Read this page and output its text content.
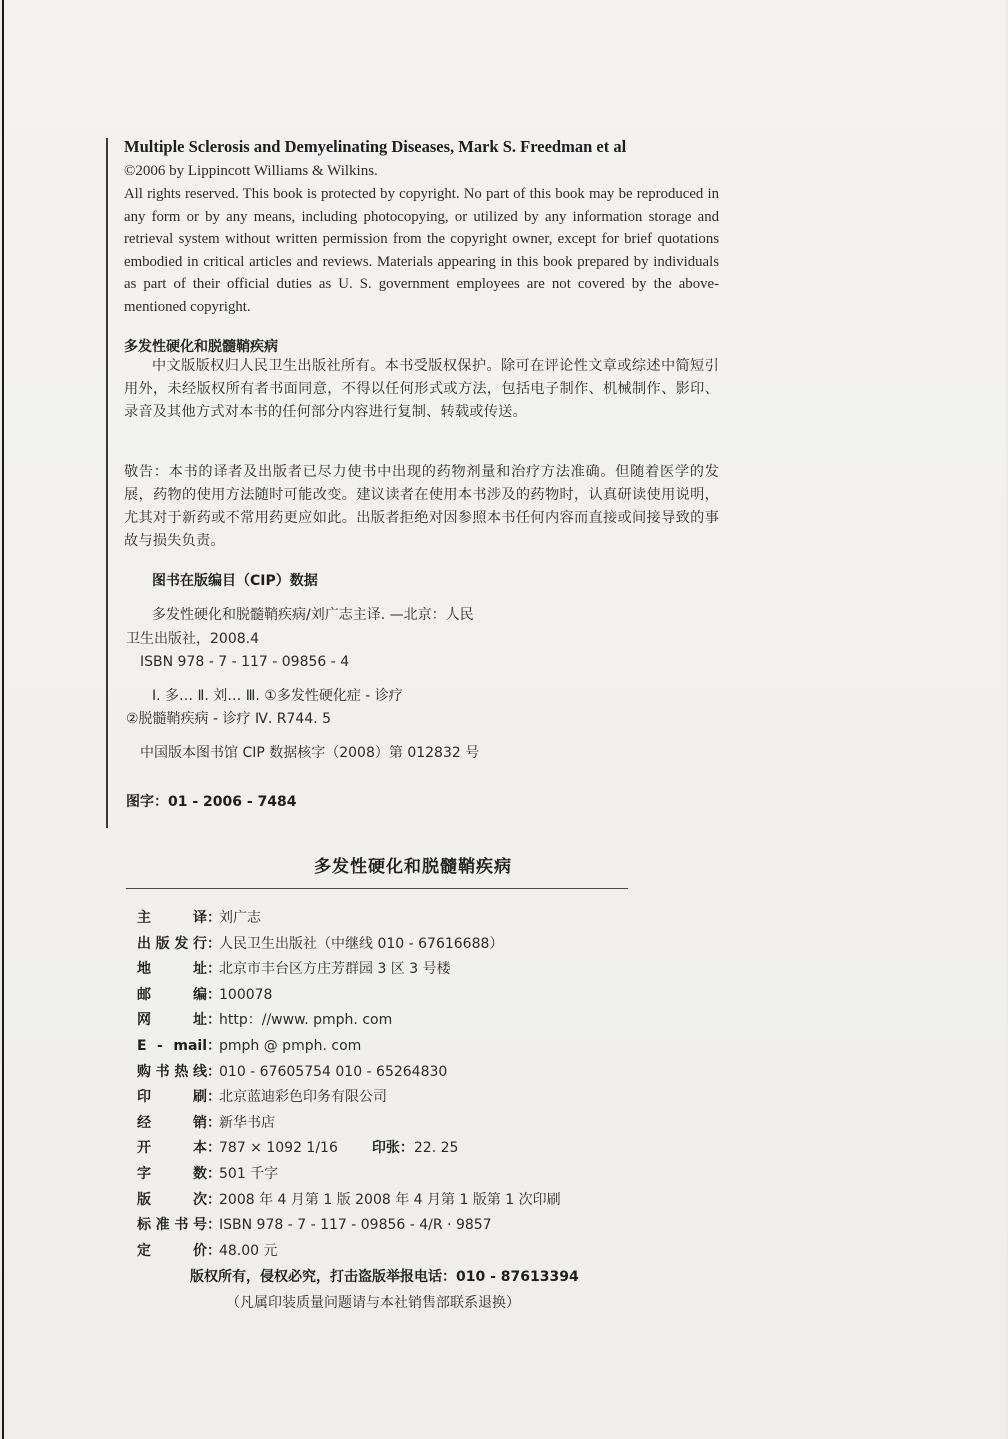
Multiple Sclerosis and Demyelinating Diseases, Mark S. Freedman et al
©2006 by Lippincott Williams & Wilkins.
All rights reserved. This book is protected by copyright. No part of this book may be reproduced in any form or by any means, including photocopying, or utilized by any information storage and retrieval system without written permission from the copyright owner, except for brief quotations embodied in critical articles and reviews. Materials appearing in this book prepared by individuals as part of their official duties as U. S. government employees are not covered by the above-mentioned copyright.
多发性硬化和脱髓鞘疾病
中文版版权归人民卫生出版社所有。本书受版权保护。除可在评论性文章或综述中简短引用外，未经版权所有者书面同意，不得以任何形式或方法，包括电子制作、机械制作、影印、录音及其他方式对本书的任何部分内容进行复制、转载或传送。
敬告：本书的译者及出版者已尽力使书中出现的药物剂量和治疗方法准确。但随着医学的发展，药物的使用方法随时可能改变。建议读者在使用本书涉及的药物时，认真研读使用说明，尤其对于新药或不常用药更应如此。出版者拒绝对因参照本书任何内容而直接或间接导致的事故与损失负责。
图书在版编目（CIP）数据
多发性硬化和脱髓鞘疾病/刘广志主译. —北京：人民
卫生出版社，2008.4
ISBN 978 - 7 - 117 - 09856 - 4
Ⅰ. 多… Ⅱ. 刘… Ⅲ. ①多发性硬化症 - 诊疗
②脱髓鞘疾病 - 诊疗 Ⅳ. R744. 5
中国版本图书馆 CIP 数据核字（2008）第 012832 号
图字：01 - 2006 - 7484
多发性硬化和脱髓鞘疾病
主　　译：刘广志
出版发行：人民卫生出版社（中继线 010 - 67616688）
地　　址：北京市丰台区方庄芳群园 3 区 3 号楼
邮　　编：100078
网　　址：http：//www. pmph. com
E - mail：pmph @ pmph. com
购书热线：010 - 67605754 010 - 65264830
印　　刷：北京蓝迪彩色印务有限公司
经　　销：新华书店
开　　本：787 × 1092 1/16 印张：22. 25
字　　数：501 千字
版　　次：2008 年 4 月第 1 版 2008 年 4 月第 1 版第 1 次印刷
标准书号：ISBN 978 - 7 - 117 - 09856 - 4/R · 9857
定　　价：48.00 元
版权所有，侵权必究，打击盗版举报电话：010 - 87613394
（凡属印装质量问题请与本社销售部联系退换）
